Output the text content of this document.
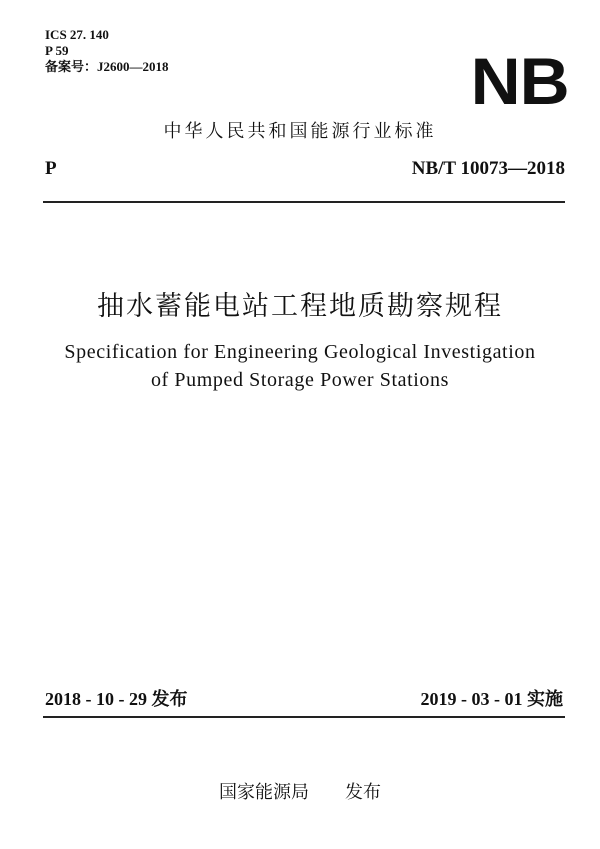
ICS 27. 140
P 59
备案号：J2600—2018	NB
中华人民共和国能源行业标准
P	NB/T 10073—2018
抽水蓄能电站工程地质勘察规程
Specification for Engineering Geological Investigation
of Pumped Storage Power Stations
2018 - 10 - 29 发布	2019 - 03 - 01 实施
国家能源局　　发布
